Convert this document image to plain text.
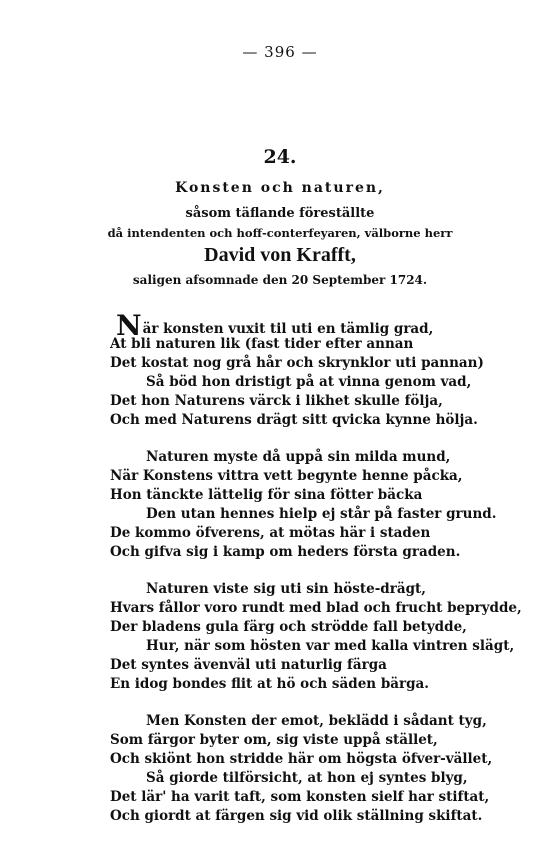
— 396 —
24.
Konsten och naturen,
såsom täflande föreställte
då intendenten och hoff-conterfeyaren, välborne herr
David von Krafft,
saligen afsomnade den 20 September 1724.
När konsten vuxit til uti en tämlig grad,
At bli naturen lik (fast tider efter annan
Det kostat nog grå hår och skrynklor uti pannan)
Så böd hon dristigt på at vinna genom vad,
Det hon Naturens värck i likhet skulle följa,
Och med Naturens drägt sitt qvicka kynne hölja.
Naturen myste då uppå sin milda mund,
När Konstens vittra vett begynte henne påcka,
Hon tänckte lättelig för sina fötter bäcka
Den utan hennes hielp ej står på faster grund.
De kommo öfverens, at mötas här i staden
Och gifva sig i kamp om heders första graden.
Naturen viste sig uti sin höste-drägt,
Hvars fållor voro rundt med blad och frucht beprydde,
Der bladens gula färg och strödde fall betydde,
Hur, när som hösten var med kalla vintren slägt,
Det syntes ävenväl uti naturlig färga
En idog bondes flit at hö och säden bärga.
Men Konsten der emot, beklädd i sådant tyg,
Som färgor byter om, sig viste uppå stället,
Och skiönt hon stridde här om högsta öfver-vället,
Så giorde tilförsicht, at hon ej syntes blyg,
Det lär' ha varit taft, som konsten sielf har stiftat,
Och giordt at färgen sig vid olik ställning skiftat.
